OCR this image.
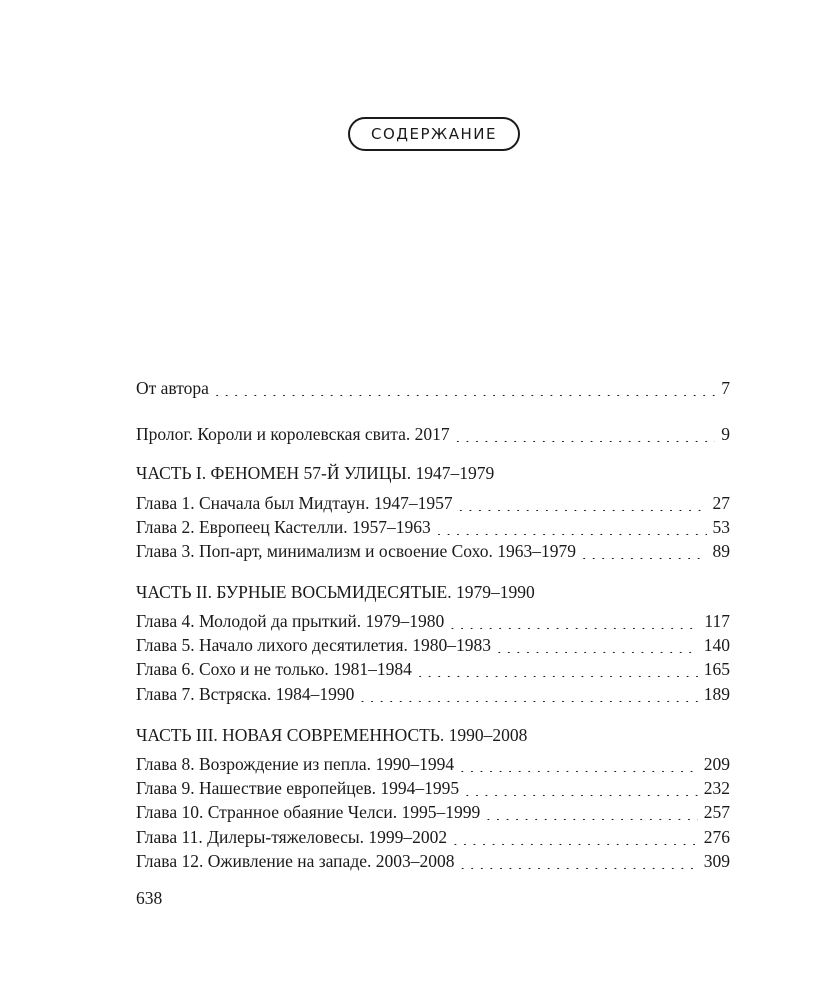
СОДЕРЖАНИЕ
От автора . . .	7
Пролог. Короли и королевская свита. 2017 . . .	9
ЧАСТЬ I. ФЕНОМЕН 57-Й УЛИЦЫ. 1947–1979
Глава 1. Сначала был Мидтаун. 1947–1957 . . .	27
Глава 2. Европеец Кастелли. 1957–1963 . . .	53
Глава 3. Поп-арт, минимализм и освоение Сохо. 1963–1979 . . .	89
ЧАСТЬ II. БУРНЫЕ ВОСЬМИДЕСЯТЫЕ. 1979–1990
Глава 4. Молодой да прыткий. 1979–1980 . . .	117
Глава 5. Начало лихого десятилетия. 1980–1983 . . .	140
Глава 6. Сохо и не только. 1981–1984 . . .	165
Глава 7. Встряска. 1984–1990 . . .	189
ЧАСТЬ III. НОВАЯ СОВРЕМЕННОСТЬ. 1990–2008
Глава 8. Возрождение из пепла. 1990–1994 . . .	209
Глава 9. Нашествие европейцев. 1994–1995 . . .	232
Глава 10. Странное обаяние Челси. 1995–1999 . . .	257
Глава 11. Дилеры-тяжеловесы. 1999–2002 . . .	276
Глава 12. Оживление на западе. 2003–2008 . . .	309
638
